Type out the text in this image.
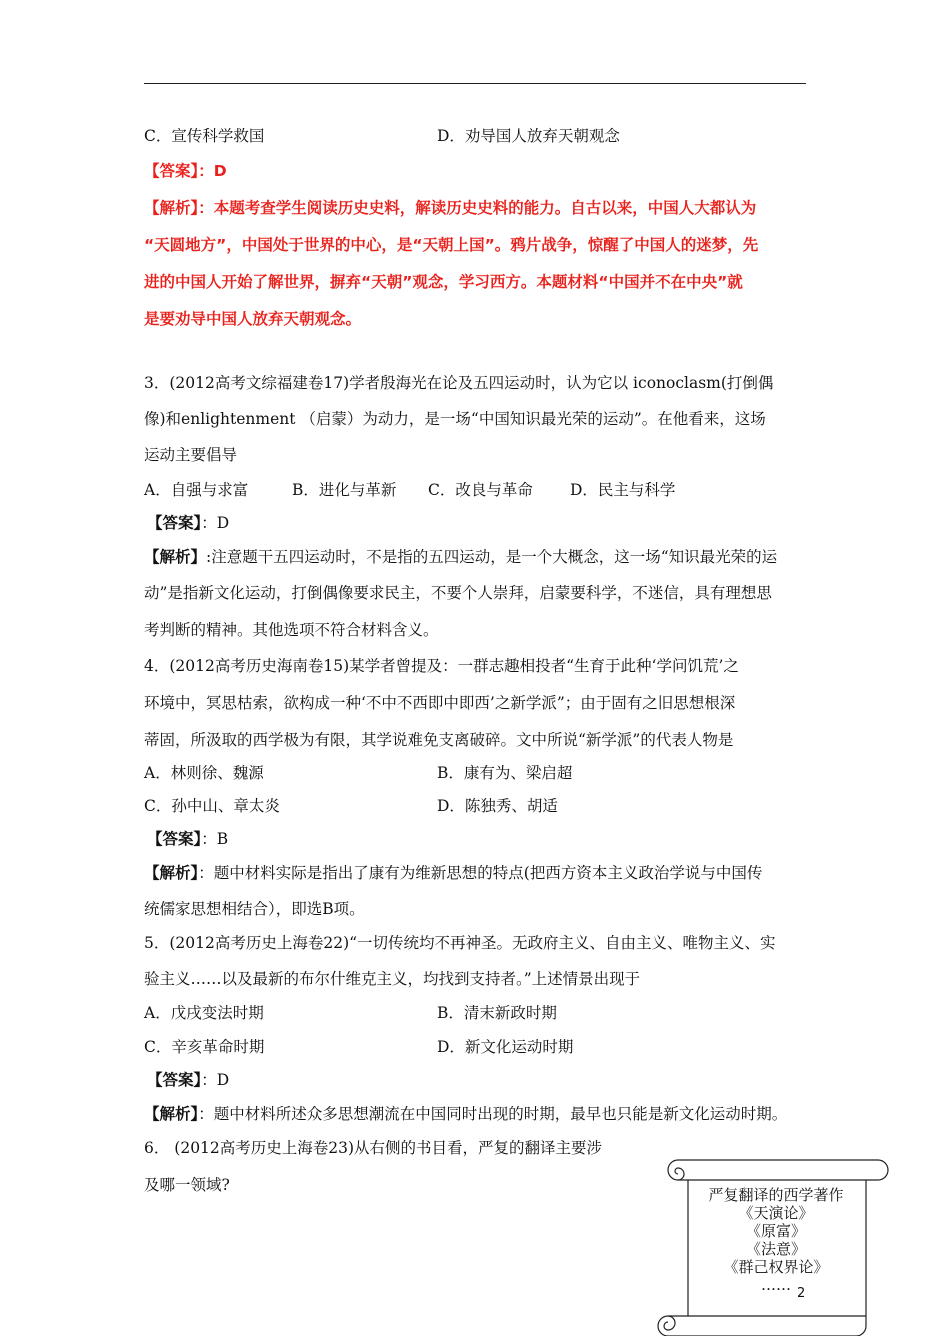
C．宣传科学救国	D．劝导国人放弃天朝观念
【答案】：D
【解析】：本题考查学生阅读历史史料，解读历史史料的能力。自古以来，中国人大都认为
“天圆地方”，中国处于世界的中心，是“天朝上国”。鸦片战争，惊醒了中国人的迷梦，先
进的中国人开始了解世界，摒弃“天朝”观念，学习西方。本题材料“中国并不在中央”就
是要劝导中国人放弃天朝观念。
3．(2012高考文综福建卷17)学者殷海光在论及五四运动时，认为它以 iconoclasm(打倒偶
像)和enlightenment （启蒙）为动力，是一场“中国知识最光荣的运动”。在他看来，这场
运动主要倡导
A．自强与求富	B．进化与革新 C．改良与革命 D．民主与科学
【答案】：D
【解析】:注意题干五四运动时，不是指的五四运动，是一个大概念，这一场“知识最光荣的运
动”是指新文化运动，打倒偶像要求民主，不要个人崇拜，启蒙要科学，不迷信，具有理想思
考判断的精神。其他选项不符合材料含义。
4．(2012高考历史海南卷15)某学者曾提及：一群志趣相投者“生育于此种‘学问饥荒’之
环境中，冥思枯索，欲构成一种‘不中不西即中即西’之新学派”；由于固有之旧思想根深
蒂固，所汲取的西学极为有限，其学说难免支离破碎。文中所说“新学派”的代表人物是
A．林则徐、魏源	B．康有为、梁启超
C．孙中山、章太炎	D．陈独秀、胡适
【答案】：B
【解析】：题中材料实际是指出了康有为维新思想的特点(把西方资本主义政治学说与中国传
统儒家思想相结合），即选B项。
5．(2012高考历史上海卷22)“一切传统均不再神圣。无政府主义、自由主义、唯物主义、实
验主义……以及最新的布尔什维克主义，均找到支持者。”上述情景出现于
A．戊戌变法时期	B．清末新政时期
C．辛亥革命时期	D．新文化运动时期
【答案】：D
【解析】：题中材料所述众多思想潮流在中国同时出现的时期，最早也只能是新文化运动时期。
6． (2012高考历史上海卷23)从右侧的书目看，严复的翻译主要涉
及哪一领域?
严复翻译的西学著作
《天演论》
《原富》
《法意》
《群己权界论》
…… 2
